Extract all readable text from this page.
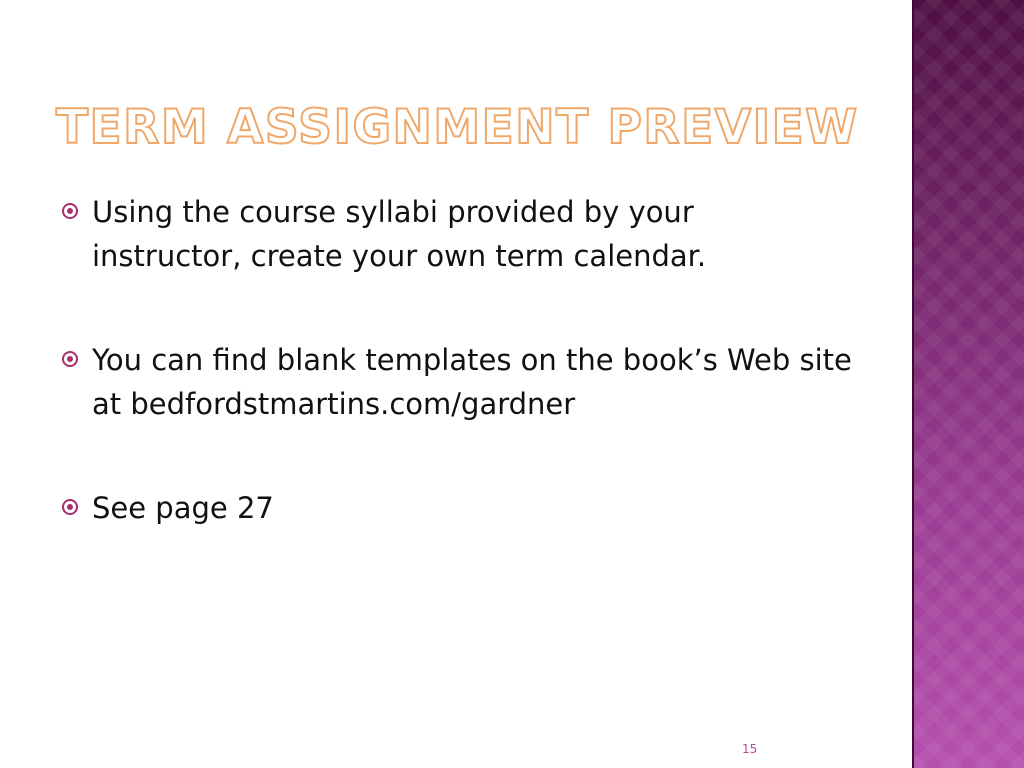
TERM ASSIGNMENT PREVIEW
Using the course syllabi provided by your instructor, create your own term calendar.
You can find blank templates on the book’s Web site at bedfordstmartins.com/gardner
See page 27
15
